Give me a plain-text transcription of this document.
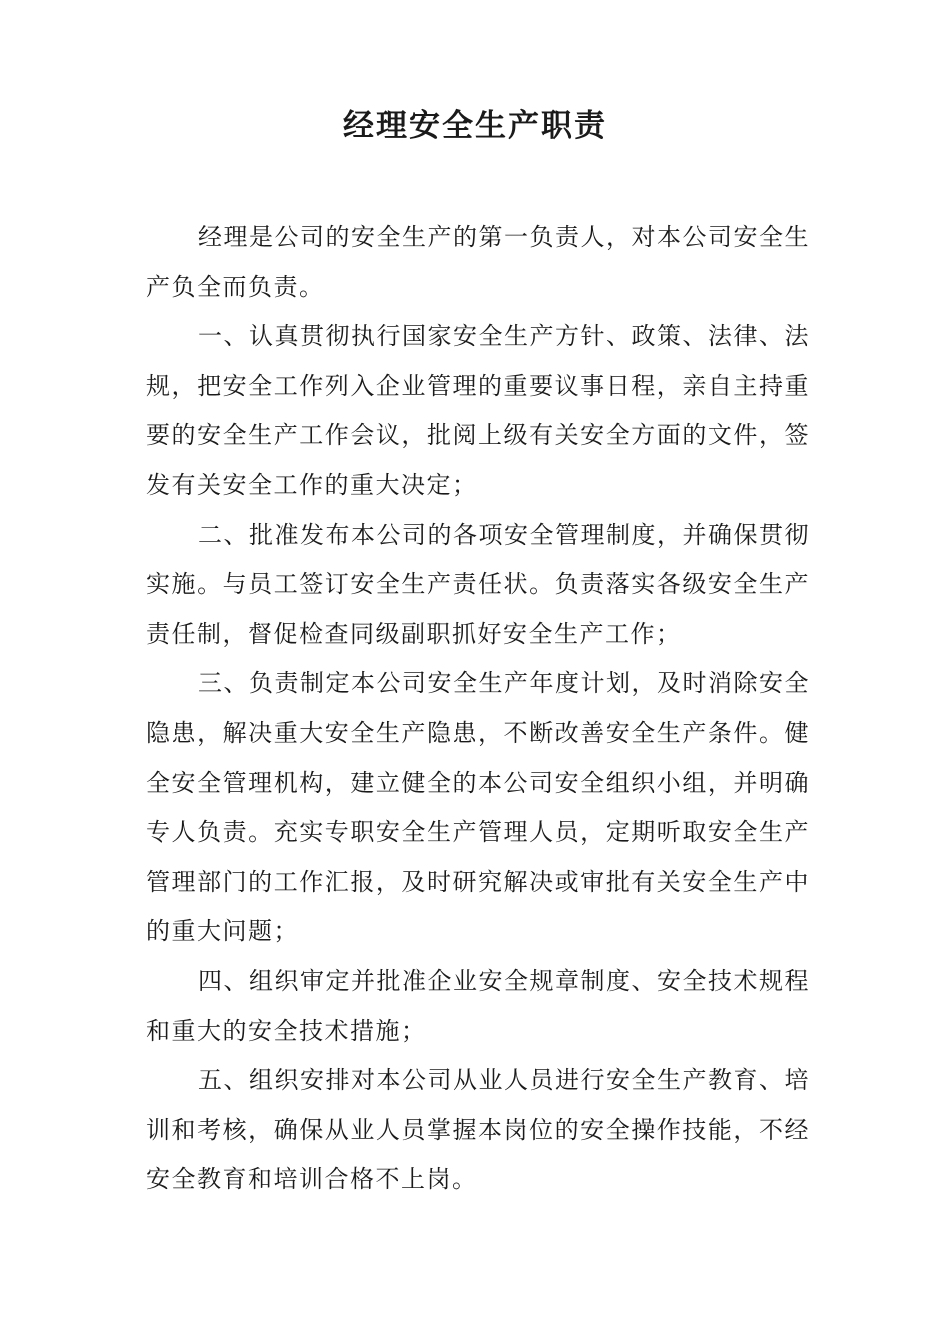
经理安全生产职责

经理是公司的安全生产的第一负责人，对本公司安全生产负全而负责。

一、认真贯彻执行国家安全生产方针、政策、法律、法规，把安全工作列入企业管理的重要议事日程，亲自主持重要的安全生产工作会议，批阅上级有关安全方面的文件，签发有关安全工作的重大决定；

二、批准发布本公司的各项安全管理制度，并确保贯彻实施。与员工签订安全生产责任状。负责落实各级安全生产责任制，督促检查同级副职抓好安全生产工作；

三、负责制定本公司安全生产年度计划，及时消除安全隐患，解决重大安全生产隐患，不断改善安全生产条件。健全安全管理机构，建立健全的本公司安全组织小组，并明确专人负责。充实专职安全生产管理人员，定期听取安全生产管理部门的工作汇报，及时研究解决或审批有关安全生产中的重大问题；

四、组织审定并批准企业安全规章制度、安全技术规程和重大的安全技术措施；

五、组织安排对本公司从业人员进行安全生产教育、培训和考核，确保从业人员掌握本岗位的安全操作技能，不经安全教育和培训合格不上岗。
